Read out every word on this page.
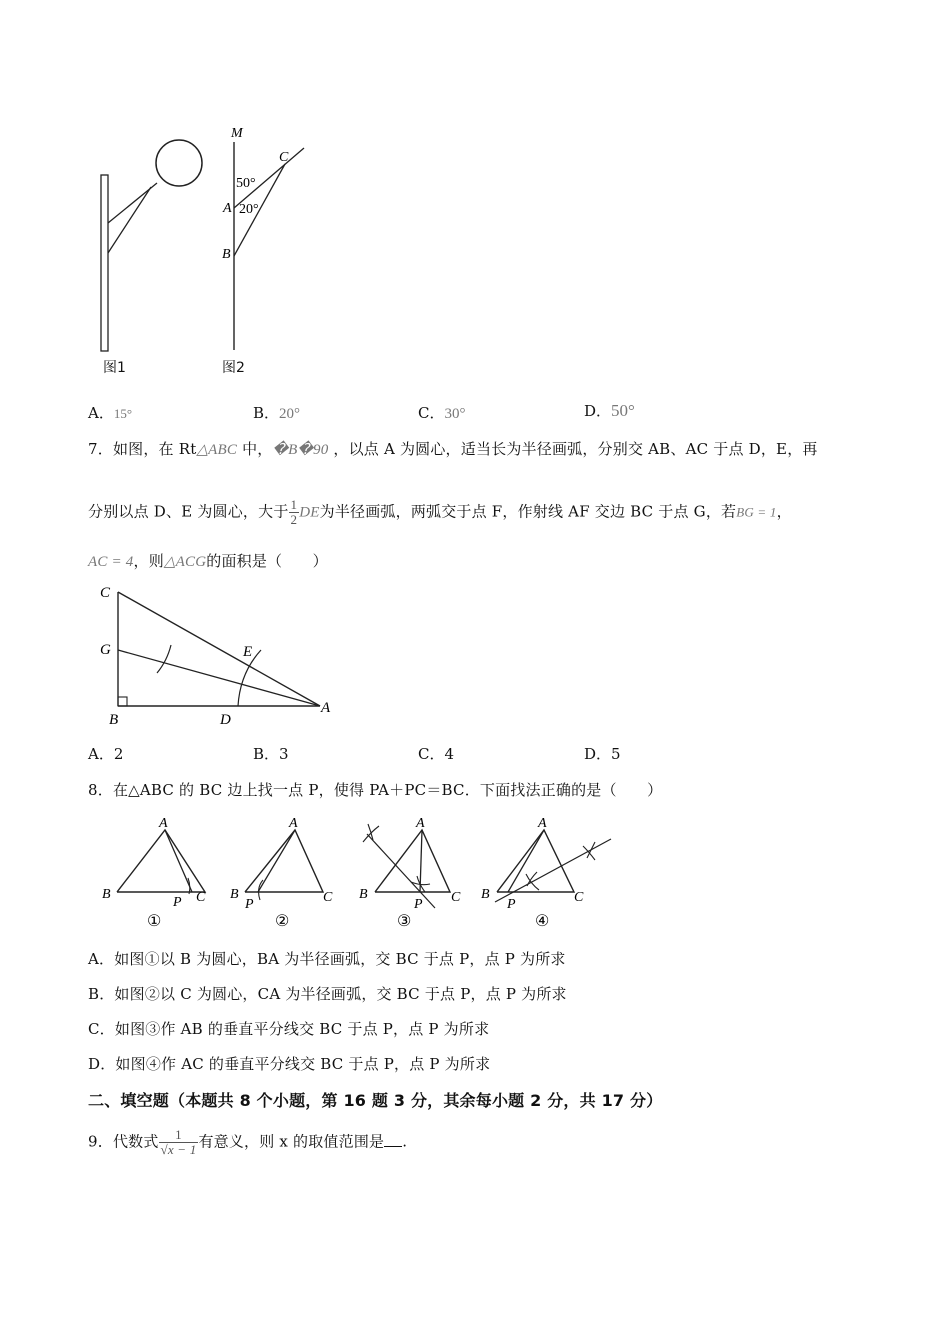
图1
M
C
A
B
50°
20°
图2
A．15°	B．20°	C．30°	D．50°
7．如图，在 Rt△ABC 中，�B�90 ，以点 A 为圆心，适当长为半径画弧，分别交 AB、AC 于点 D，E，再
分别以点 D、E 为圆心，大于 $\frac{1}{2}$ DE为半径画弧，两弧交于点 F，作射线 AF 交边 BC 于点 G，若BG = 1，
AC = 4，则△ACG的面积是（　　）
C
G	E
B	D
A
A．2	B．3	C．4	D．5
8．在△ABC 的 BC 边上找一点 P，使得 PA＋PC＝BC．下面找法正确的是（　　）
A
B
P C
①
A
B
P	C
②
A
B
P C
③
A
B
P	C
④
A．如图①以 B 为圆心，BA 为半径画弧，交 BC 于点 P，点 P 为所求
B．如图②以 C 为圆心，CA 为半径画弧，交 BC 于点 P，点 P 为所求
C．如图③作 AB 的垂直平分线交 BC 于点 P，点 P 为所求
D．如图④作 AC 的垂直平分线交 BC 于点 P，点 P 为所求
二、填空题（本题共 8 个小题，第 16 题 3 分，其余每小题 2 分，共 17 分）
9．代数式 $\frac{1}{√x - 1}$ 有意义，则 x 的取值范围是 .
